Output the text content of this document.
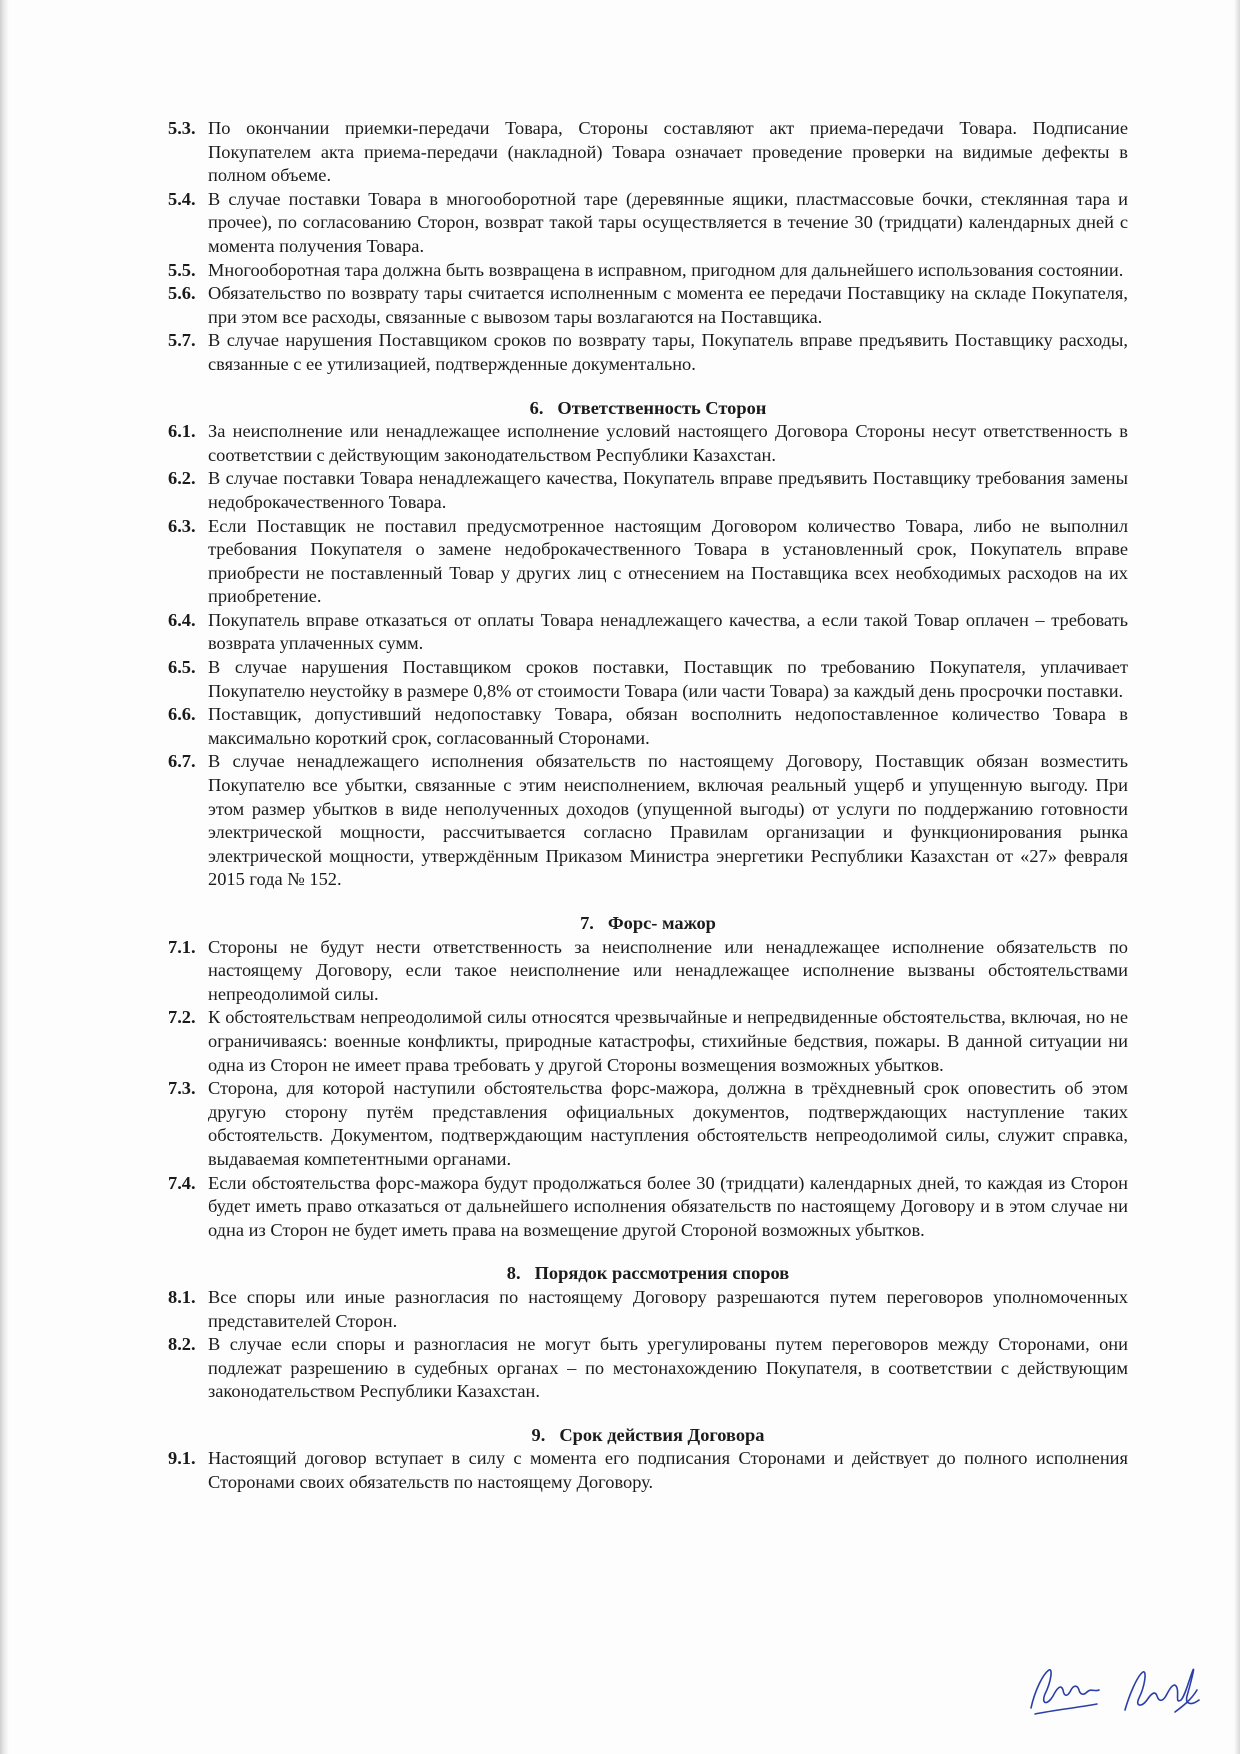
5.3. По окончании приемки-передачи Товара, Стороны составляют акт приема-передачи Товара. Подписание Покупателем акта приема-передачи (накладной) Товара означает проведение проверки на видимые дефекты в полном объеме.
5.4. В случае поставки Товара в многооборотной таре (деревянные ящики, пластмассовые бочки, стеклянная тара и прочее), по согласованию Сторон, возврат такой тары осуществляется в течение 30 (тридцати) календарных дней с момента получения Товара.
5.5. Многооборотная тара должна быть возвращена в исправном, пригодном для дальнейшего использования состоянии.
5.6. Обязательство по возврату тары считается исполненным с момента ее передачи Поставщику на складе Покупателя, при этом все расходы, связанные с вывозом тары возлагаются на Поставщика.
5.7. В случае нарушения Поставщиком сроков по возврату тары, Покупатель вправе предъявить Поставщику расходы, связанные с ее утилизацией, подтвержденные документально.
6. Ответственность Сторон
6.1. За неисполнение или ненадлежащее исполнение условий настоящего Договора Стороны несут ответственность в соответствии с действующим законодательством Республики Казахстан.
6.2. В случае поставки Товара ненадлежащего качества, Покупатель вправе предъявить Поставщику требования замены недоброкачественного Товара.
6.3. Если Поставщик не поставил предусмотренное настоящим Договором количество Товара, либо не выполнил требования Покупателя о замене недоброкачественного Товара в установленный срок, Покупатель вправе приобрести не поставленный Товар у других лиц с отнесением на Поставщика всех необходимых расходов на их приобретение.
6.4. Покупатель вправе отказаться от оплаты Товара ненадлежащего качества, а если такой Товар оплачен – требовать возврата уплаченных сумм.
6.5. В случае нарушения Поставщиком сроков поставки, Поставщик по требованию Покупателя, уплачивает Покупателю неустойку в размере 0,8% от стоимости Товара (или части Товара) за каждый день просрочки поставки.
6.6. Поставщик, допустивший недопоставку Товара, обязан восполнить недопоставленное количество Товара в максимально короткий срок, согласованный Сторонами.
6.7. В случае ненадлежащего исполнения обязательств по настоящему Договору, Поставщик обязан возместить Покупателю все убытки, связанные с этим неисполнением, включая реальный ущерб и упущенную выгоду. При этом размер убытков в виде неполученных доходов (упущенной выгоды) от услуги по поддержанию готовности электрической мощности, рассчитывается согласно Правилам организации и функционирования рынка электрической мощности, утверждённым Приказом Министра энергетики Республики Казахстан от «27» февраля 2015 года № 152.
7. Форс- мажор
7.1. Стороны не будут нести ответственность за неисполнение или ненадлежащее исполнение обязательств по настоящему Договору, если такое неисполнение или ненадлежащее исполнение вызваны обстоятельствами непреодолимой силы.
7.2. К обстоятельствам непреодолимой силы относятся чрезвычайные и непредвиденные обстоятельства, включая, но не ограничиваясь: военные конфликты, природные катастрофы, стихийные бедствия, пожары. В данной ситуации ни одна из Сторон не имеет права требовать у другой Стороны возмещения возможных убытков.
7.3. Сторона, для которой наступили обстоятельства форс-мажора, должна в трёхдневный срок оповестить об этом другую сторону путём представления официальных документов, подтверждающих наступление таких обстоятельств. Документом, подтверждающим наступления обстоятельств непреодолимой силы, служит справка, выдаваемая компетентными органами.
7.4. Если обстоятельства форс-мажора будут продолжаться более 30 (тридцати) календарных дней, то каждая из Сторон будет иметь право отказаться от дальнейшего исполнения обязательств по настоящему Договору и в этом случае ни одна из Сторон не будет иметь права на возмещение другой Стороной возможных убытков.
8. Порядок рассмотрения споров
8.1. Все споры или иные разногласия по настоящему Договору разрешаются путем переговоров уполномоченных представителей Сторон.
8.2. В случае если споры и разногласия не могут быть урегулированы путем переговоров между Сторонами, они подлежат разрешению в судебных органах – по местонахождению Покупателя, в соответствии с действующим законодательством Республики Казахстан.
9. Срок действия Договора
9.1. Настоящий договор вступает в силу с момента его подписания Сторонами и действует до полного исполнения Сторонами своих обязательств по настоящему Договору.
